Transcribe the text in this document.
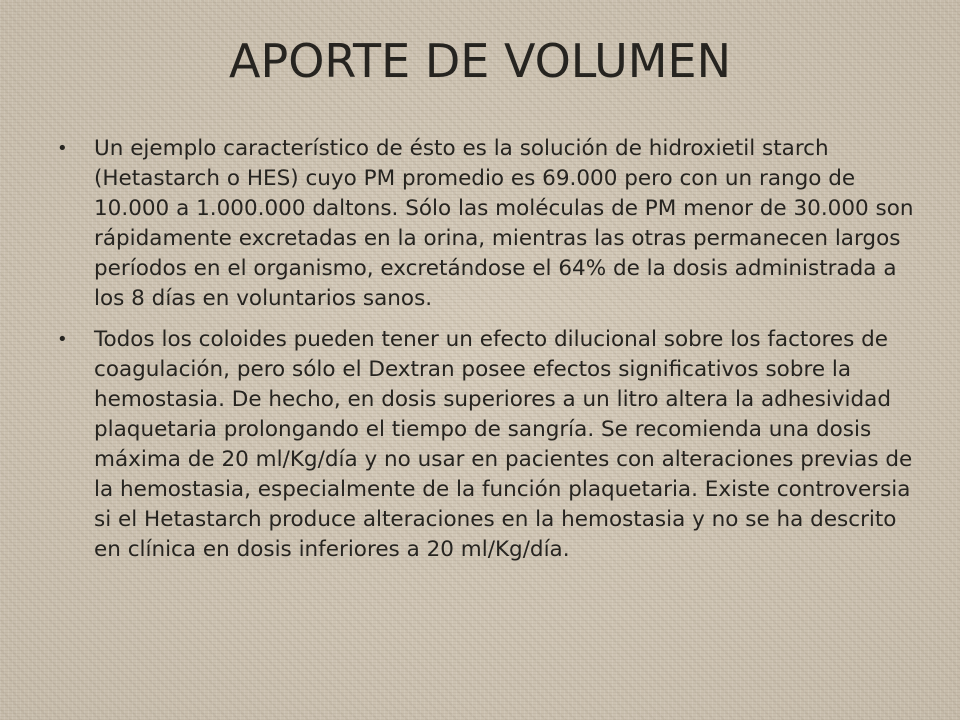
APORTE DE VOLUMEN
• Un ejemplo característico de ésto es la solución de hidroxietil starch (Hetastarch o HES) cuyo PM promedio es 69.000 pero con un rango de 10.000 a 1.000.000 daltons. Sólo las moléculas de PM menor de 30.000 son rápidamente excretadas en la orina, mientras las otras permanecen largos períodos en el organismo, excretándose el 64% de la dosis administrada a los 8 días en voluntarios sanos.
• Todos los coloides pueden tener un efecto dilucional sobre los factores de coagulación, pero sólo el Dextran posee efectos significativos sobre la hemostasia. De hecho, en dosis superiores a un litro altera la adhesividad plaquetaria prolongando el tiempo de sangría. Se recomienda una dosis máxima de 20 ml/Kg/día y no usar en pacientes con alteraciones previas de la hemostasia, especialmente de la función plaquetaria. Existe controversia si el Hetastarch produce alteraciones en la hemostasia y no se ha descrito en clínica en dosis inferiores a 20 ml/Kg/día.
